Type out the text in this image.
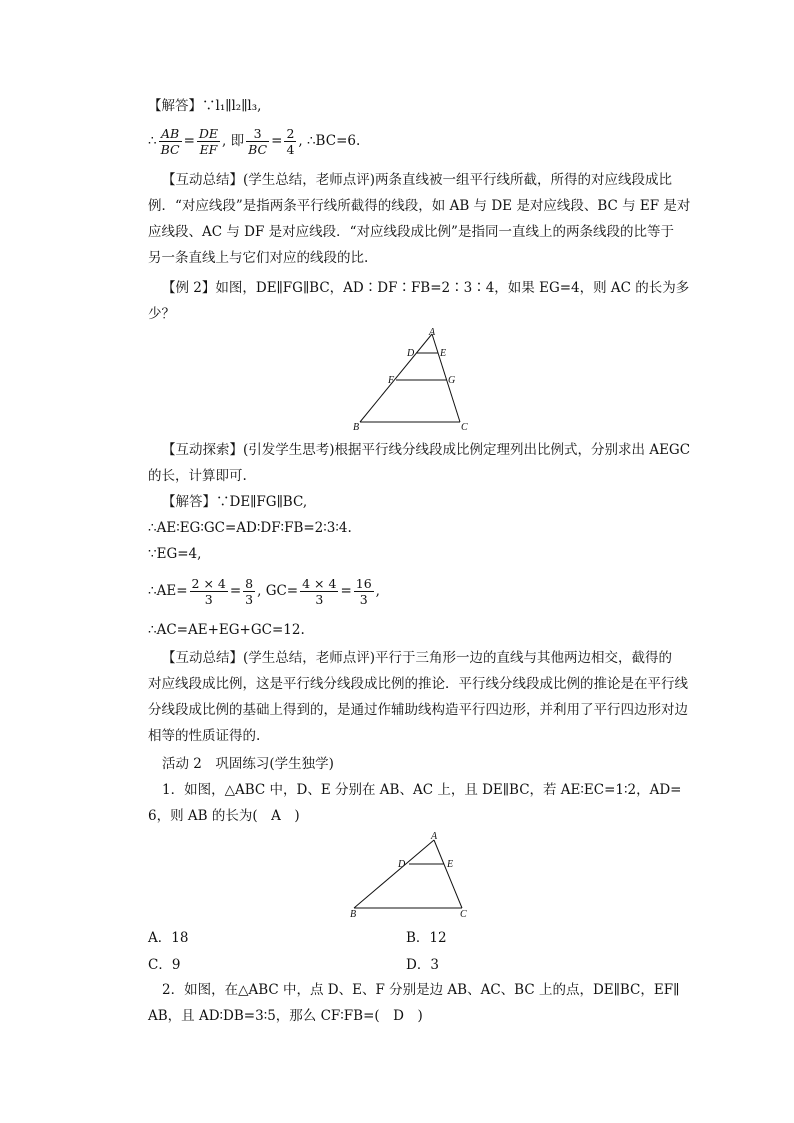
【解答】∵l₁∥l₂∥l₃,
∴ $\frac{AB}{BC} = \frac{DE}{EF}$ , 即 $\frac{3}{BC} = \frac{2}{4}$ , ∴BC=6.
【互动总结】(学生总结，老师点评)两条直线被一组平行线所截，所得的对应线段成比
例．“对应线段”是指两条平行线所截得的线段，如 AB 与 DE 是对应线段、BC 与 EF 是对
应线段、AC 与 DF 是对应线段．“对应线段成比例”是指同一直线上的两条线段的比等于
另一条直线上与它们对应的线段的比.
【例 2】如图，DE∥FG∥BC，AD∶DF∶FB=2∶3∶4，如果 EG=4，则 AC 的长为多
少？
A
D	E
F	G
B	C
【互动探索】(引发学生思考)根据平行线分线段成比例定理列出比例式，分别求出 AEGC
的长，计算即可.
【解答】∵DE∥FG∥BC,
∴AE∶EG∶GC=AD∶DF∶FB=2∶3∶4.
∵EG=4,
∴AE= $\frac{2 \times 4}{3} = \frac{8}{3}$ , $GC= \frac{4 \times 4}{3} = \frac{16}{3}$ ,
∴AC=AE+EG+GC=12.
【互动总结】(学生总结，老师点评)平行于三角形一边的直线与其他两边相交，截得的
对应线段成比例，这是平行线分线段成比例的推论．平行线分线段成比例的推论是在平行线
分线段成比例的基础上得到的，是通过作辅助线构造平行四边形，并利用了平行四边形对边
相等的性质证得的.
活动 2　巩固练习(学生独学)
1．如图，△ABC 中，D、E 分别在 AB、AC 上，且 DE∥BC，若 AE∶EC=1∶2，AD=
6，则 AB 的长为(　A　)
A
D	E
B	C
A．18	B．12
C．9	D．3
2．如图，在△ABC 中，点 D、E、F 分别是边 AB、AC、BC 上的点，DE∥BC，EF∥
AB，且 AD∶DB=3∶5，那么 CF∶FB=(　D　)
